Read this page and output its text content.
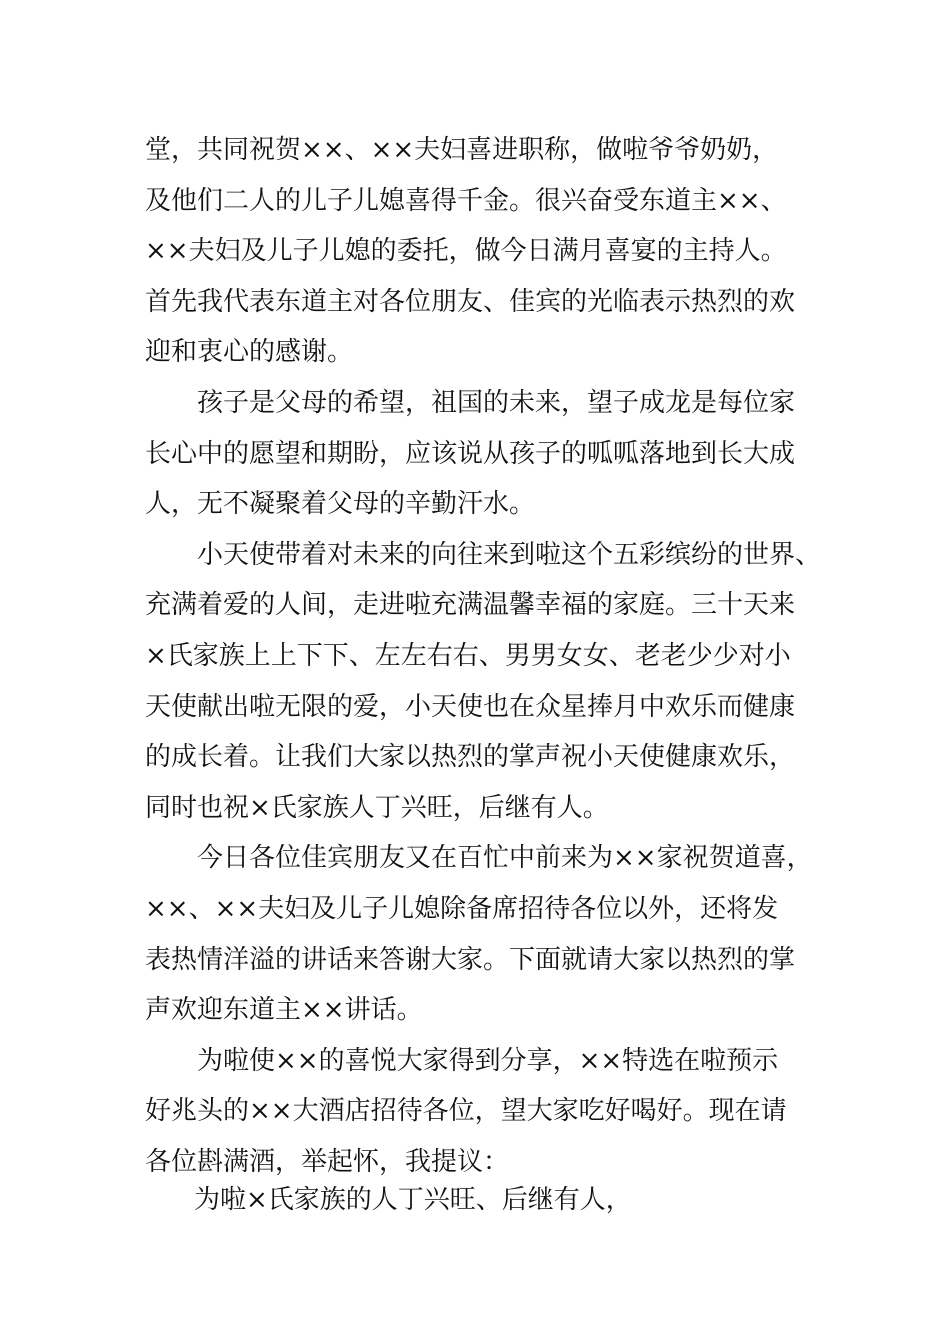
堂，共同祝贺××、××夫妇喜进职称，做啦爷爷奶奶，
及他们二人的儿子儿媳喜得千金。很兴奋受东道主××、
××夫妇及儿子儿媳的委托，做今日满月喜宴的主持人。
首先我代表东道主对各位朋友、佳宾的光临表示热烈的欢
迎和衷心的感谢。
孩子是父母的希望，祖国的未来，望子成龙是每位家
长心中的愿望和期盼，应该说从孩子的呱呱落地到长大成
人，无不凝聚着父母的辛勤汗水。
小天使带着对未来的向往来到啦这个五彩缤纷的世界、
充满着爱的人间，走进啦充满温馨幸福的家庭。三十天来
×氏家族上上下下、左左右右、男男女女、老老少少对小
天使献出啦无限的爱，小天使也在众星捧月中欢乐而健康
的成长着。让我们大家以热烈的掌声祝小天使健康欢乐，
同时也祝×氏家族人丁兴旺，后继有人。
今日各位佳宾朋友又在百忙中前来为××家祝贺道喜，
××、××夫妇及儿子儿媳除备席招待各位以外，还将发
表热情洋溢的讲话来答谢大家。下面就请大家以热烈的掌
声欢迎东道主××讲话。
为啦使××的喜悦大家得到分享，××特选在啦预示
好兆头的××大酒店招待各位，望大家吃好喝好。现在请
各位斟满酒，举起怀，我提议：
为啦×氏家族的人丁兴旺、后继有人，
